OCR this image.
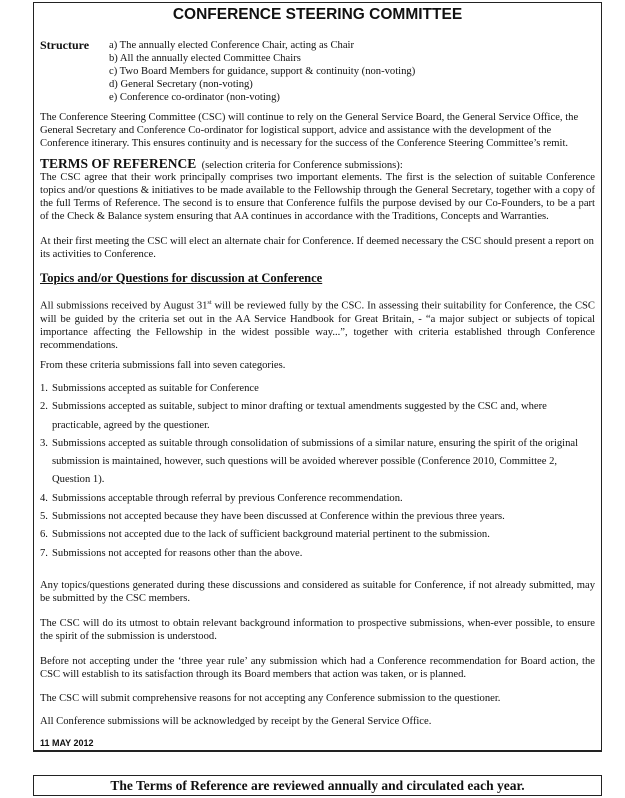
CONFERENCE STEERING COMMITTEE
Structure a) The annually elected Conference Chair, acting as Chair
b) All the annually elected Committee Chairs
c) Two Board Members for guidance, support & continuity (non-voting)
d) General Secretary (non-voting)
e) Conference co-ordinator (non-voting)

The Conference Steering Committee (CSC) will continue to rely on the General Service Board, the General Service Office, the General Secretary and Conference Co-ordinator for logistical support, advice and assistance with the development of the Conference itinerary. This ensures continuity and is necessary for the success of the Conference Steering Committee’s remit.

TERMS OF REFERENCE (selection criteria for Conference submissions):

The CSC agree that their work principally comprises two important elements. The first is the selection of suitable Conference topics and/or questions & initiatives to be made available to the Fellowship through the General Secretary, together with a copy of the full Terms of Reference. The second is to ensure that Conference fulfils the purpose devised by our Co-Founders, to be a part of the Check & Balance system ensuring that AA continues in accordance with the Traditions, Concepts and Warranties.

At their first meeting the CSC will elect an alternate chair for Conference. If deemed necessary the CSC should present a report on its activities to Conference.

Topics and/or Questions for discussion at Conference

All submissions received by August 31st will be reviewed fully by the CSC. In assessing their suitability for Conference, the CSC will be guided by the criteria set out in the AA Service Handbook for Great Britain, - “a major subject or subjects of topical importance affecting the Fellowship in the widest possible way...”, together with criteria established through Conference recommendations.

From these criteria submissions fall into seven categories.

1. Submissions accepted as suitable for Conference
2. Submissions accepted as suitable, subject to minor drafting or textual amendments suggested by the CSC and, where practicable, agreed by the questioner.
3. Submissions accepted as suitable through consolidation of submissions of a similar nature, ensuring the spirit of the original submission is maintained, however, such questions will be avoided wherever possible (Conference 2010, Committee 2, Question 1).
4. Submissions acceptable through referral by previous Conference recommendation.
5. Submissions not accepted because they have been discussed at Conference within the previous three years.
6. Submissions not accepted due to the lack of sufficient background material pertinent to the submission.
7. Submissions not accepted for reasons other than the above.

Any topics/questions generated during these discussions and considered as suitable for Conference, if not already submitted, may be submitted by the CSC members.

The CSC will do its utmost to obtain relevant background information to prospective submissions, when-ever possible, to ensure the spirit of the submission is understood.

Before not accepting under the ‘three year rule’ any submission which had a Conference recommendation for Board action, the CSC will establish to its satisfaction through its Board members that action was taken, or is planned.

The CSC will submit comprehensive reasons for not accepting any Conference submission to the questioner.

All Conference submissions will be acknowledged by receipt by the General Service Office.

11 MAY 2012
The Terms of Reference are reviewed annually and circulated each year.
